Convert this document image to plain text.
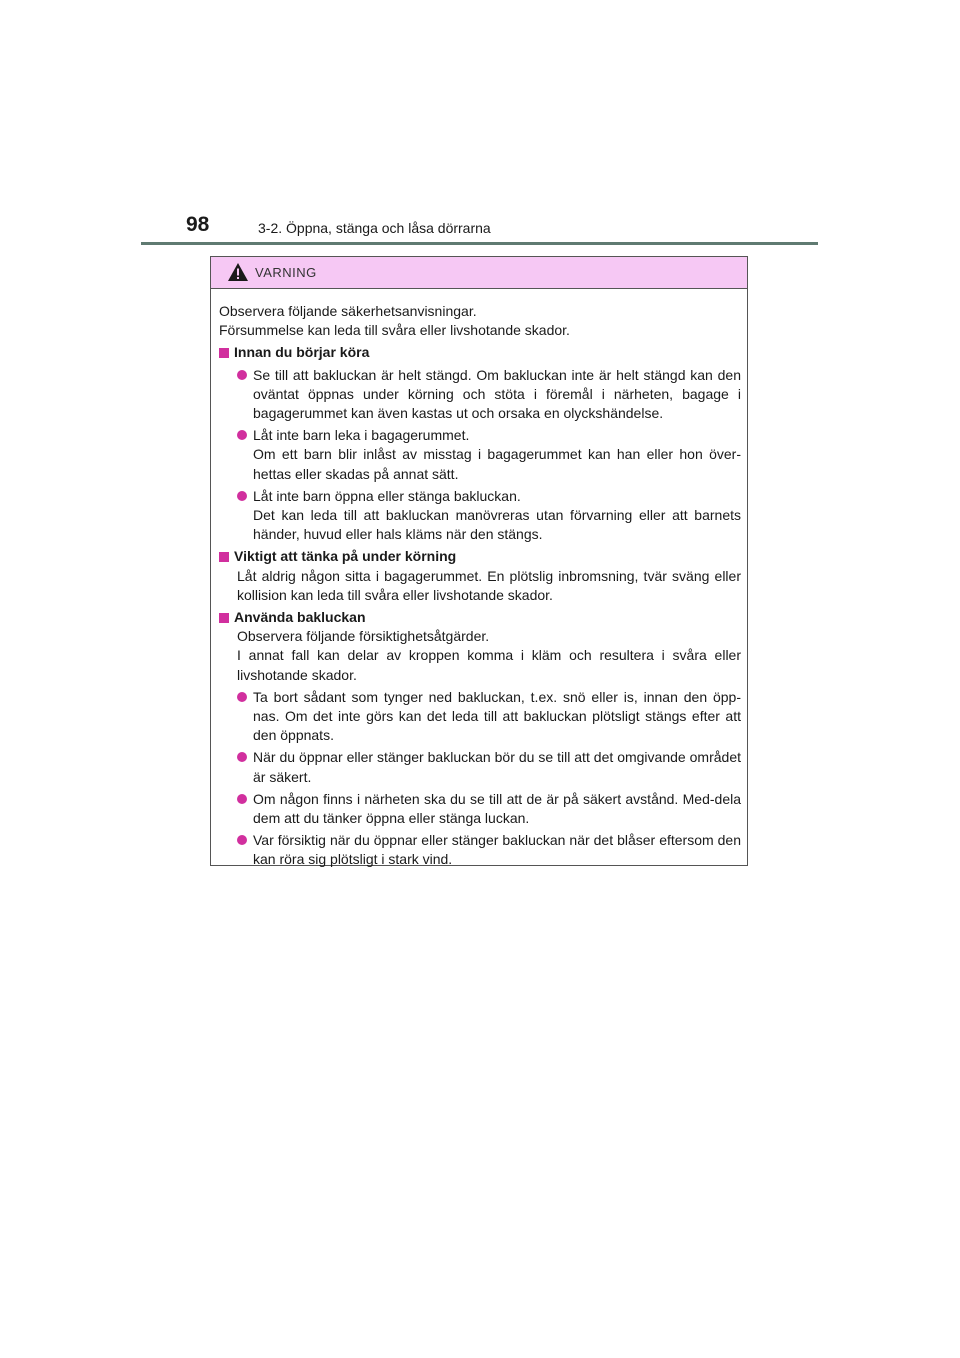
98	3-2. Öppna, stänga och låsa dörrarna
VARNING

Observera följande säkerhetsanvisningar.

Försummelse kan leda till svåra eller livshotande skador.

Innan du börjar köra
Se till att bakluckan är helt stängd. Om bakluckan inte är helt stängd kan den oväntat öppnas under körning och stöta i föremål i närheten, bagage i bagagerummet kan även kastas ut och orsaka en olyckshändelse.
Låt inte barn leka i bagagerummet.
Om ett barn blir inlåst av misstag i bagagerummet kan han eller hon över-hettas eller skadas på annat sätt.
Låt inte barn öppna eller stänga bakluckan.
Det kan leda till att bakluckan manövreras utan förvarning eller att barnets händer, huvud eller hals kläms när den stängs.
Viktigt att tänka på under körning

Låt aldrig någon sitta i bagagerummet. En plötslig inbromsning, tvär sväng eller kollision kan leda till svåra eller livshotande skador.

Använda bakluckan

Observera följande försiktighetsåtgärder.

I annat fall kan delar av kroppen komma i kläm och resultera i svåra eller livshotande skador.

Ta bort sådant som tynger ned bakluckan, t.ex. snö eller is, innan den öpp-nas. Om det inte görs kan det leda till att bakluckan plötsligt stängs efter att den öppnats.
När du öppnar eller stänger bakluckan bör du se till att det omgivande området är säkert.
Om någon finns i närheten ska du se till att de är på säkert avstånd. Med-dela dem att du tänker öppna eller stänga luckan.
Var försiktig när du öppnar eller stänger bakluckan när det blåser eftersom den kan röra sig plötsligt i stark vind.
